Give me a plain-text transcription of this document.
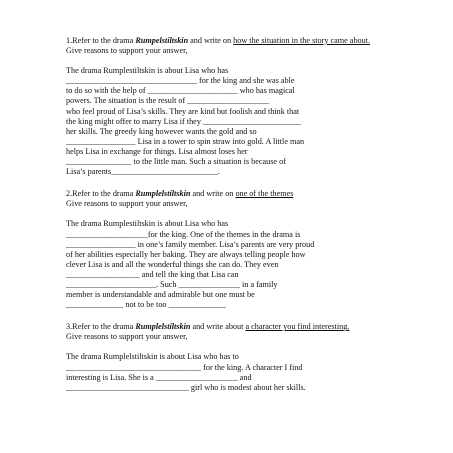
1.Refer to the drama Rumpelstiltskin and write on how the situation in the story came about.

Give reasons to support your answer,

The drama Rumplestiltskin is about Lisa who has
________________________________ for the king and she was able
to do so with the help of ______________________ who has magical
powers. The situation is the result of ____________________
who feel proud of Lisa’s skills. They are kind but foolish and think that
the king might offer to marry Lisa if they ________________________
her skills. The greedy king however wants the gold and so
_________________ Lisa in a tower to spin straw into gold. A little man
helps Lisa in exchange for things. Lisa almost loses her
________________ to the little man. Such a situation is because of
Lisa’s parents__________________________.

2.Refer to the drama Rumplelstiltskin and write on one of the themes

Give reasons to support your answer,

The drama Rumplestiltskin is about Lisa who has
____________________for the king. One of the themes in the drama is
_________________ in one’s family member. Lisa’s parents are very proud
of her abilities especially her baking. They are always telling people how
clever Lisa is and all the wonderful things she can do. They even
__________________ and tell the king that Lisa can
______________________. Such _______________ in a family
member is understandable and admirable but one must be
______________ not to be too ______________

3.Refer to the drama Rumplelstiltskin and write about a character you find interesting.

Give reasons to support your answer,

The drama Rumplelstiltskin is about Lisa who has to
_________________________________ for the king. A character I find
interesting is Lisa. She is a ____________________ and
______________________________ girl who is modest about her skills.
